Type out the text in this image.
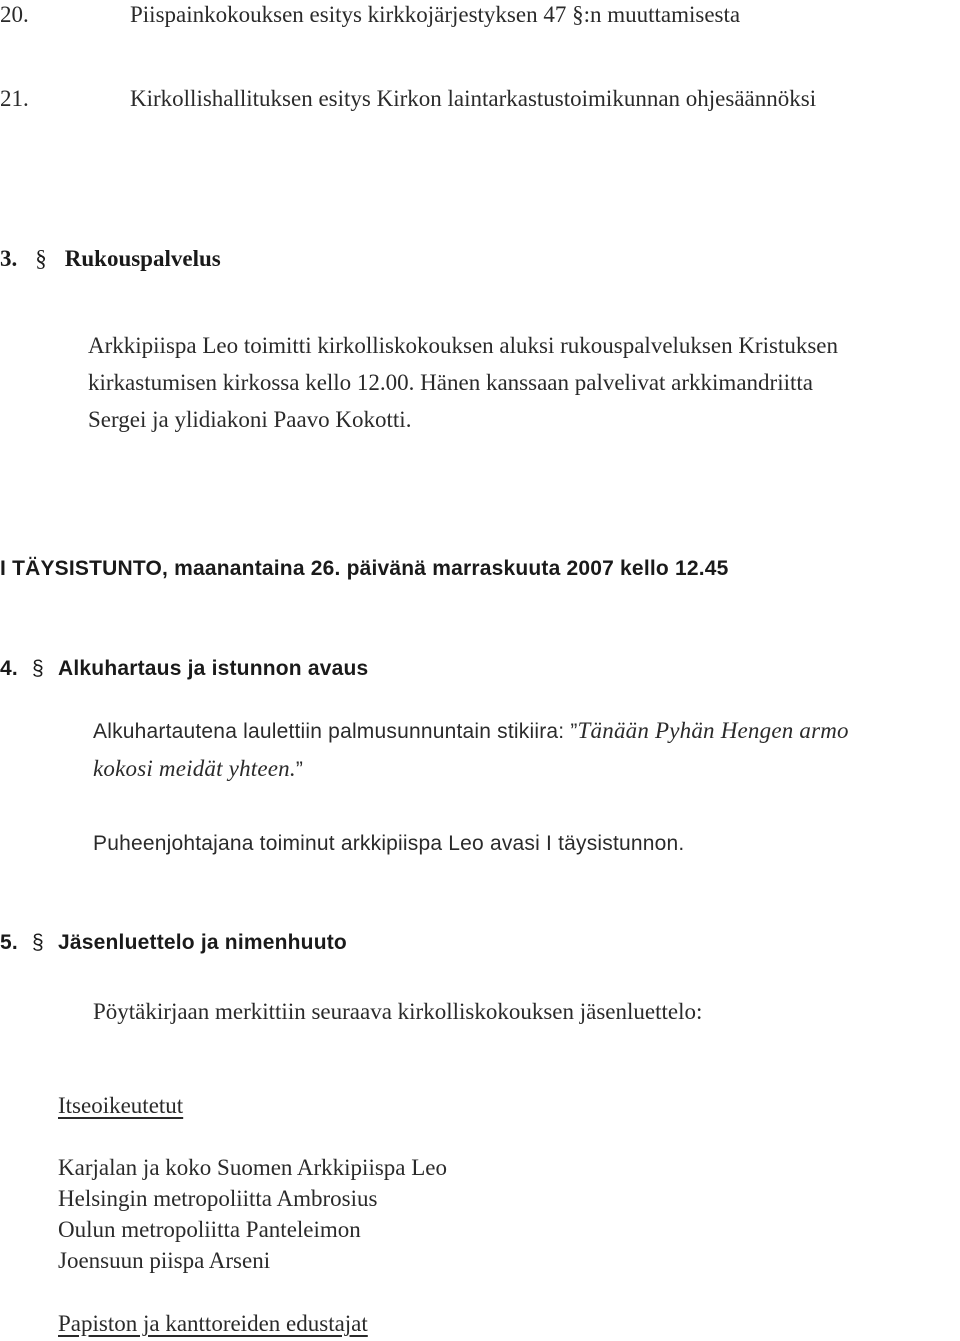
20.	Piispainkokouksen esitys kirkkojärjestyksen 47 §:n muuttamisesta
21.	Kirkollishallituksen esitys Kirkon laintarkastustoimikunnan ohjesäännöksi
3. § Rukouspalvelus
Arkkipiispa Leo toimitti kirkolliskokouksen aluksi rukouspalveluksen Kristuksen
kirkastumisen kirkossa kello 12.00. Hänen kanssaan palvelivat arkkimandriitta
Sergei ja ylidiakoni Paavo Kokotti.
I TÄYSISTUNTO, maanantaina 26. päivänä marraskuuta 2007 kello 12.45
4. § Alkuhartaus ja istunnon avaus
Alkuhartautena laulettiin palmusunnuntain stikiira: ”Tänään Pyhän Hengen armo
kokosi meidät yhteen.”
Puheenjohtajana toiminut arkkipiispa Leo avasi I täysistunnon.
5. § Jäsenluettelo ja nimenhuuto
Pöytäkirjaan merkittiin seuraava kirkolliskokouksen jäsenluettelo:
Itseoikeutetut
Karjalan ja koko Suomen Arkkipiispa Leo
Helsingin metropoliitta Ambrosius
Oulun metropoliitta Panteleimon
Joensuun piispa Arseni
Papiston ja kanttoreiden edustajat
